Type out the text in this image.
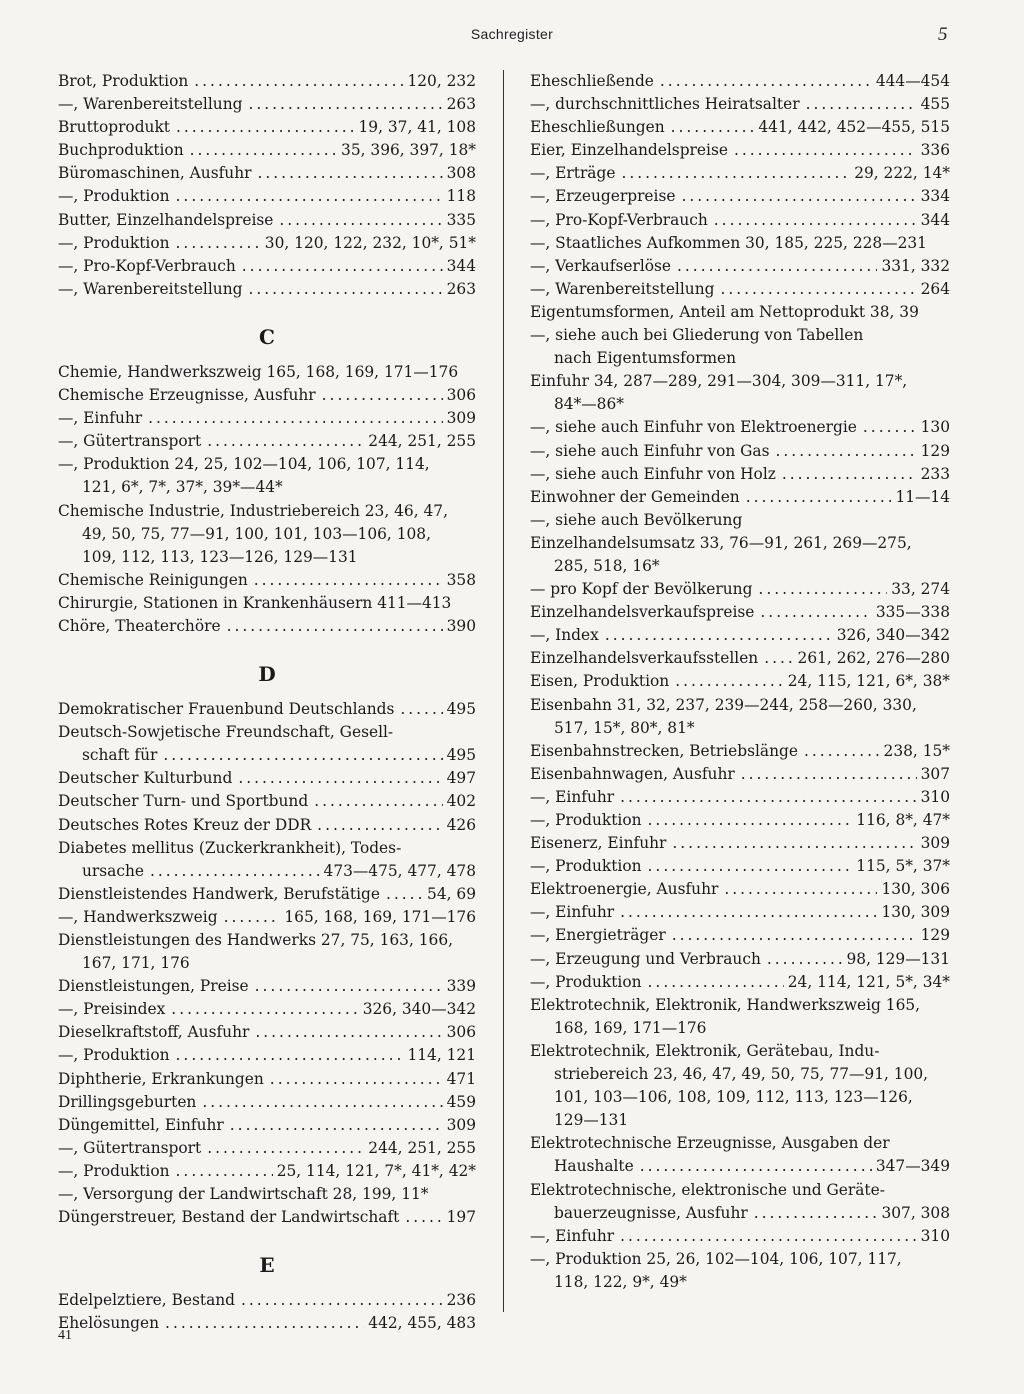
Sachregister	5
Brot, Produktion .....	120, 232
—, Warenbereitstellung .....	263
Bruttoprodukt .....	19, 37, 41, 108
Buchproduktion .....	35, 396, 397, 18*
Büromaschinen, Ausfuhr .....	308
—, Produktion .....	118
Butter, Einzelhandelspreise .....	335
—, Produktion .....	30, 120, 122, 232, 10*, 51*
—, Pro-Kopf-Verbrauch .....	344
—, Warenbereitstellung .....	263
C
Chemie, Handwerkszweig 165, 168, 169, 171—176
Chemische Erzeugnisse, Ausfuhr .....	306
—, Einfuhr .....	309
—, Gütertransport .....	244, 251, 255
—, Produktion 24, 25, 102—104, 106, 107, 114,
121, 6*, 7*, 37*, 39*—44*
Chemische Industrie, Industriebereich 23, 46, 47,
49, 50, 75, 77—91, 100, 101, 103—106, 108,
109, 112, 113, 123—126, 129—131
Chemische Reinigungen .....	358
Chirurgie, Stationen in Krankenhäusern 411—413
Chöre, Theaterchöre .....	390
D
Demokratischer Frauenbund Deutschlands .....	495
Deutsch-Sowjetische Freundschaft, Gesell-
schaft für .....	495
Deutscher Kulturbund .....	497
Deutscher Turn- und Sportbund .....	402
Deutsches Rotes Kreuz der DDR .....	426
Diabetes mellitus (Zuckerkrankheit), Todes-
ursache .....	473—475, 477, 478
Dienstleistendes Handwerk, Berufstätige .....	54, 69
—, Handwerkszweig .....	165, 168, 169, 171—176
Dienstleistungen des Handwerks 27, 75, 163, 166,
167, 171, 176
Dienstleistungen, Preise .....	339
—, Preisindex .....	326, 340—342
Dieselkraftstoff, Ausfuhr .....	306
—, Produktion .....	114, 121
Diphtherie, Erkrankungen .....	471
Drillingsgeburten .....	459
Düngemittel, Einfuhr .....	309
—, Gütertransport .....	244, 251, 255
—, Produktion .....	25, 114, 121, 7*, 41*, 42*
—, Versorgung der Landwirtschaft 28, 199, 11*
Düngerstreuer, Bestand der Landwirtschaft .....	197
E
Edelpelztiere, Bestand .....	236
Ehelösungen .....	442, 455, 483
Eheschließende .....	444—454
—, durchschnittliches Heiratsalter .....	455
Eheschließungen .....	441, 442, 452—455, 515
Eier, Einzelhandelspreise .....	336
—, Erträge .....	29, 222, 14*
—, Erzeugerpreise .....	334
—, Pro-Kopf-Verbrauch .....	344
—, Staatliches Aufkommen 30, 185, 225, 228—231
—, Verkaufserlöse .....	331, 332
—, Warenbereitstellung .....	264
Eigentumsformen, Anteil am Nettoprodukt 38, 39
—, siehe auch bei Gliederung von Tabellen
nach Eigentumsformen
Einfuhr 34, 287—289, 291—304, 309—311, 17*,
84*—86*
—, siehe auch Einfuhr von Elektroenergie .....	130
—, siehe auch Einfuhr von Gas .....	129
—, siehe auch Einfuhr von Holz .....	233
Einwohner der Gemeinden .....	11—14
—, siehe auch Bevölkerung
Einzelhandelsumsatz 33, 76—91, 261, 269—275,
285, 518, 16*
— pro Kopf der Bevölkerung .....	33, 274
Einzelhandelsverkaufspreise .....	335—338
—, Index .....	326, 340—342
Einzelhandelsverkaufsstellen .....	261, 262, 276—280
Eisen, Produktion .....	24, 115, 121, 6*, 38*
Eisenbahn 31, 32, 237, 239—244, 258—260, 330,
517, 15*, 80*, 81*
Eisenbahnstrecken, Betriebslänge .....	238, 15*
Eisenbahnwagen, Ausfuhr .....	307
—, Einfuhr .....	310
—, Produktion .....	116, 8*, 47*
Eisenerz, Einfuhr .....	309
—, Produktion .....	115, 5*, 37*
Elektroenergie, Ausfuhr .....	130, 306
—, Einfuhr .....	130, 309
—, Energieträger .....	129
—, Erzeugung und Verbrauch .....	98, 129—131
—, Produktion .....	24, 114, 121, 5*, 34*
Elektrotechnik, Elektronik, Handwerkszweig 165,
168, 169, 171—176
Elektrotechnik, Elektronik, Gerätebau, Indu-
striebereich 23, 46, 47, 49, 50, 75, 77—91, 100,
101, 103—106, 108, 109, 112, 113, 123—126,
129—131
Elektrotechnische Erzeugnisse, Ausgaben der
Haushalte .....	347—349
Elektrotechnische, elektronische und Geräte-
bauerzeugnisse, Ausfuhr .....	307, 308
—, Einfuhr .....	310
—, Produktion 25, 26, 102—104, 106, 107, 117,
118, 122, 9*, 49*
41
